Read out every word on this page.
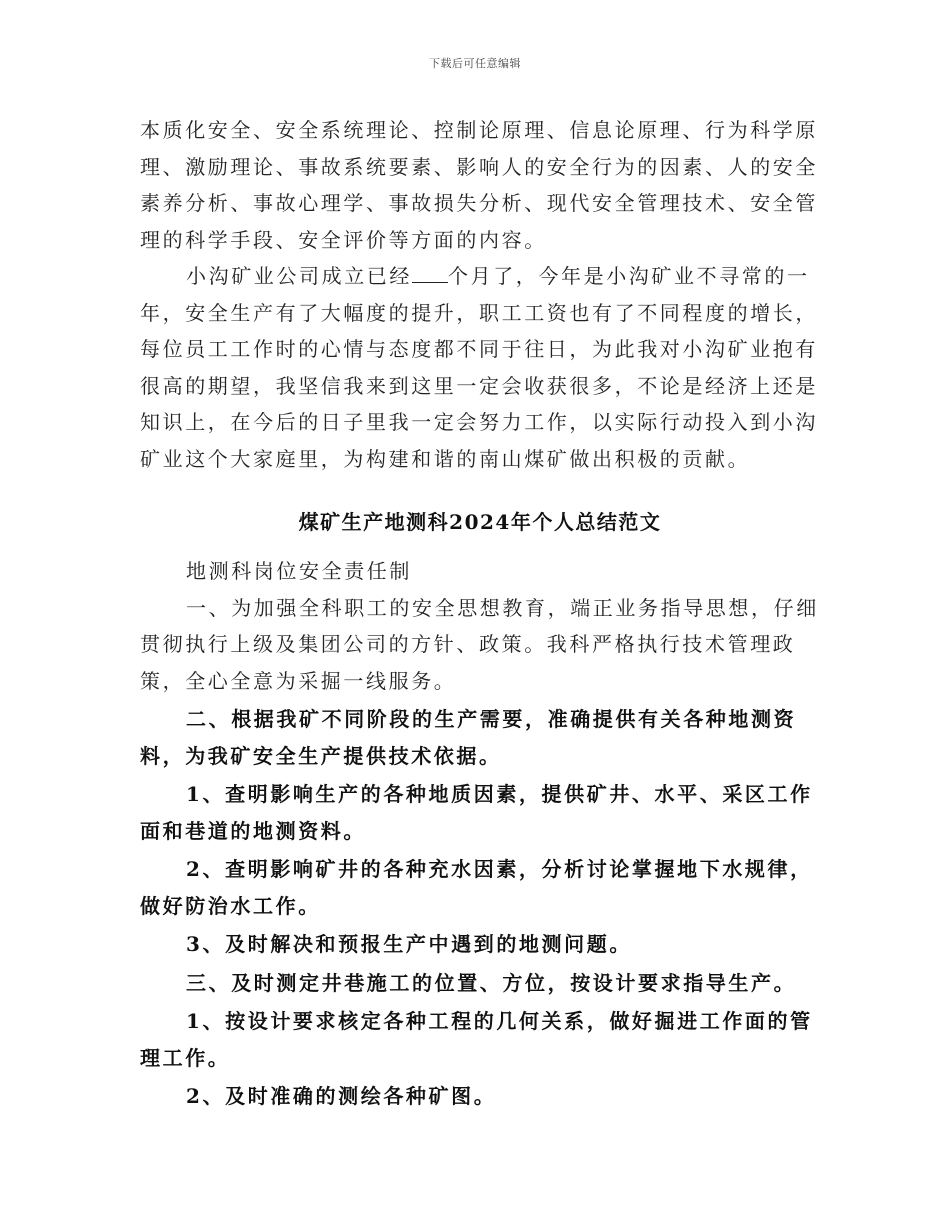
下载后可任意编辑

本质化安全、安全系统理论、控制论原理、信息论原理、行为科学原理、激励理论、事故系统要素、影响人的安全行为的因素、人的安全素养分析、事故心理学、事故损失分析、现代安全管理技术、安全管理的科学手段、安全评价等方面的内容。

小沟矿业公司成立已经 个月了，今年是小沟矿业不寻常的一年，安全生产有了大幅度的提升，职工工资也有了不同程度的增长，每位员工工作时的心情与态度都不同于往日，为此我对小沟矿业抱有很高的期望，我坚信我来到这里一定会收获很多，不论是经济上还是知识上，在今后的日子里我一定会努力工作，以实际行动投入到小沟矿业这个大家庭里，为构建和谐的南山煤矿做出积极的贡献。

煤矿生产地测科2024年个人总结范文

地测科岗位安全责任制

一、为加强全科职工的安全思想教育，端正业务指导思想，仔细贯彻执行上级及集团公司的方针、政策。我科严格执行技术管理政策，全心全意为采掘一线服务。

二、根据我矿不同阶段的生产需要，准确提供有关各种地测资料，为我矿安全生产提供技术依据。

1、查明影响生产的各种地质因素，提供矿井、水平、采区工作面和巷道的地测资料。

2、查明影响矿井的各种充水因素，分析讨论掌握地下水规律，做好防治水工作。

3、及时解决和预报生产中遇到的地测问题。

三、及时测定井巷施工的位置、方位，按设计要求指导生产。

1、按设计要求核定各种工程的几何关系，做好掘进工作面的管理工作。

2、及时准确的测绘各种矿图。
